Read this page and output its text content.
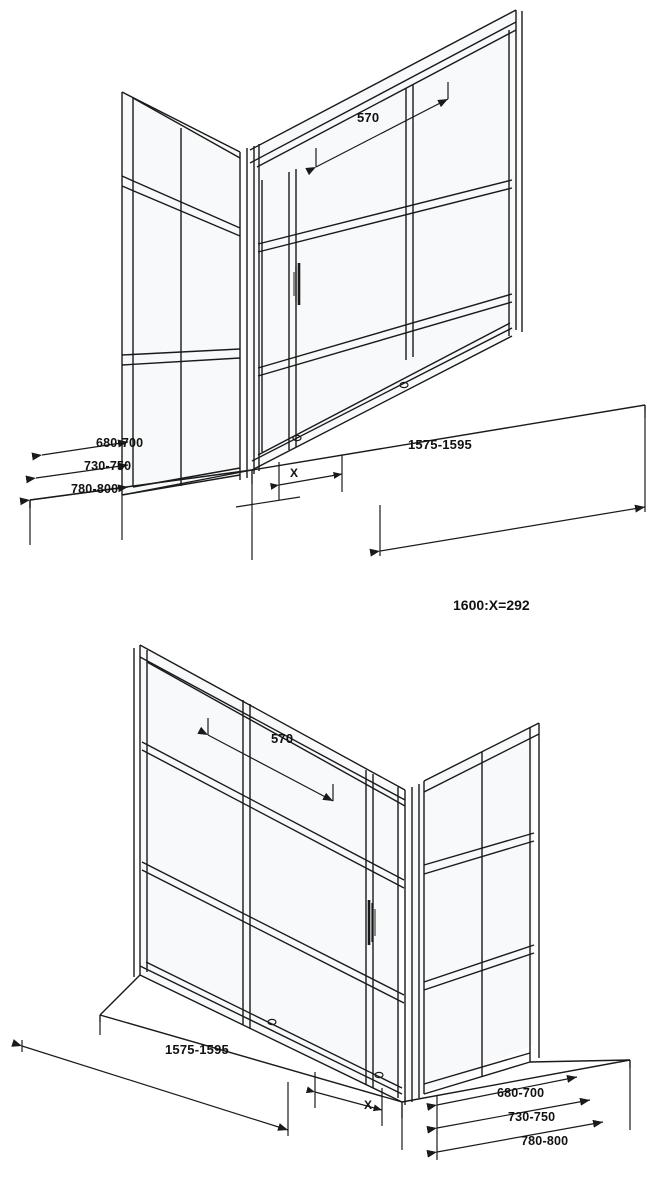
570
680-700
730-750
780-800
1575-1595
X
1600:X=292
570
1575-1595
X
680-700
730-750
780-800
